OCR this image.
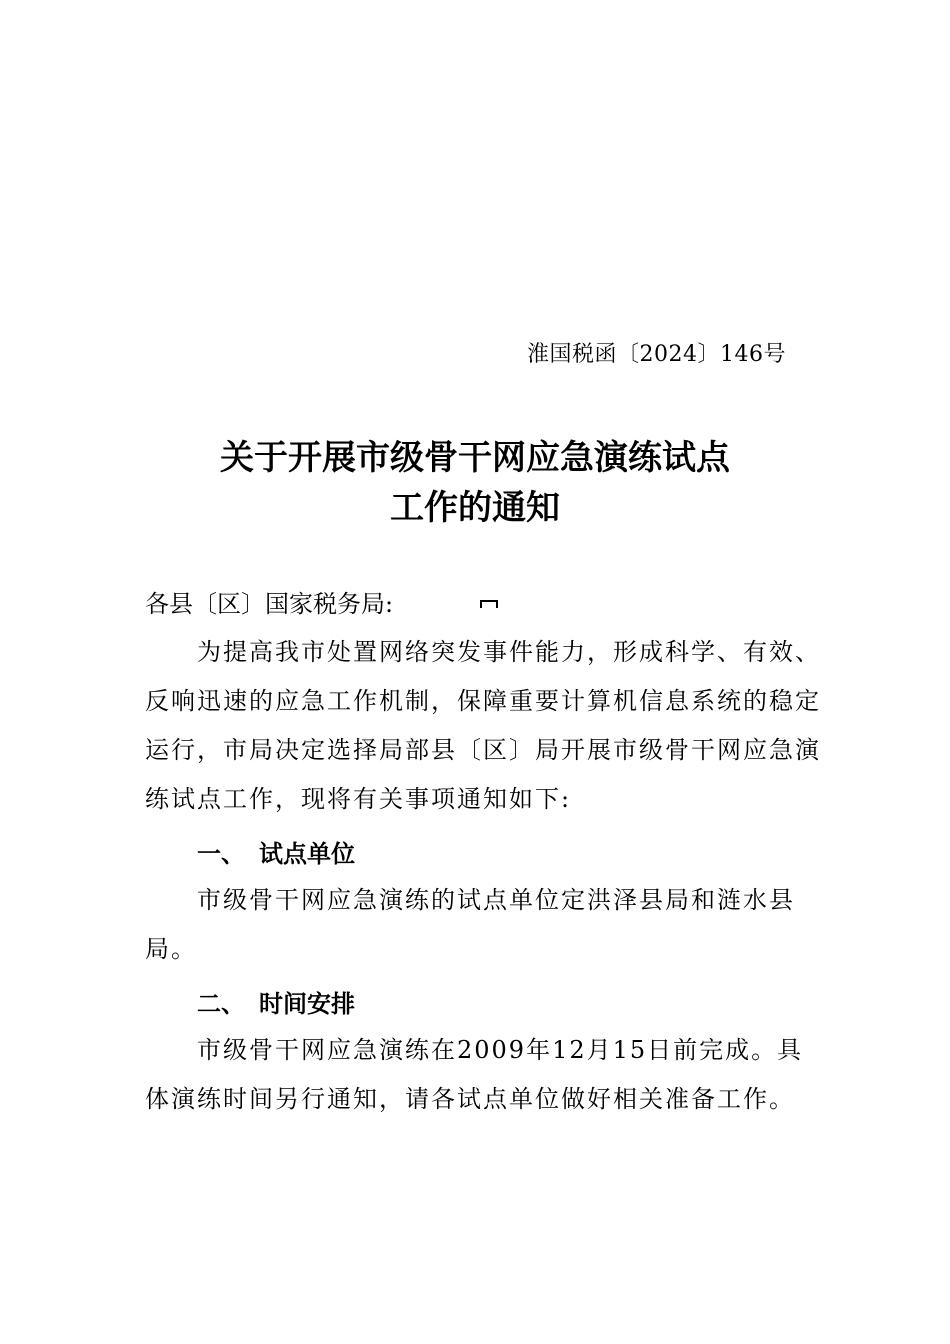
淮国税函〔2024〕146号
关于开展市级骨干网应急演练试点
工作的通知
各县〔区〕国家税务局:

为提高我市处置网络突发事件能力，形成科学、有效、反响迅速的应急工作机制，保障重要计算机信息系统的稳定运行，市局决定选择局部县〔区〕局开展市级骨干网应急演练试点工作，现将有关事项通知如下:

一、 试点单位

市级骨干网应急演练的试点单位定洪泽县局和涟水县局。

二、 时间安排

市级骨干网应急演练在2009年12月15日前完成。具体演练时间另行通知，请各试点单位做好相关准备工作。
